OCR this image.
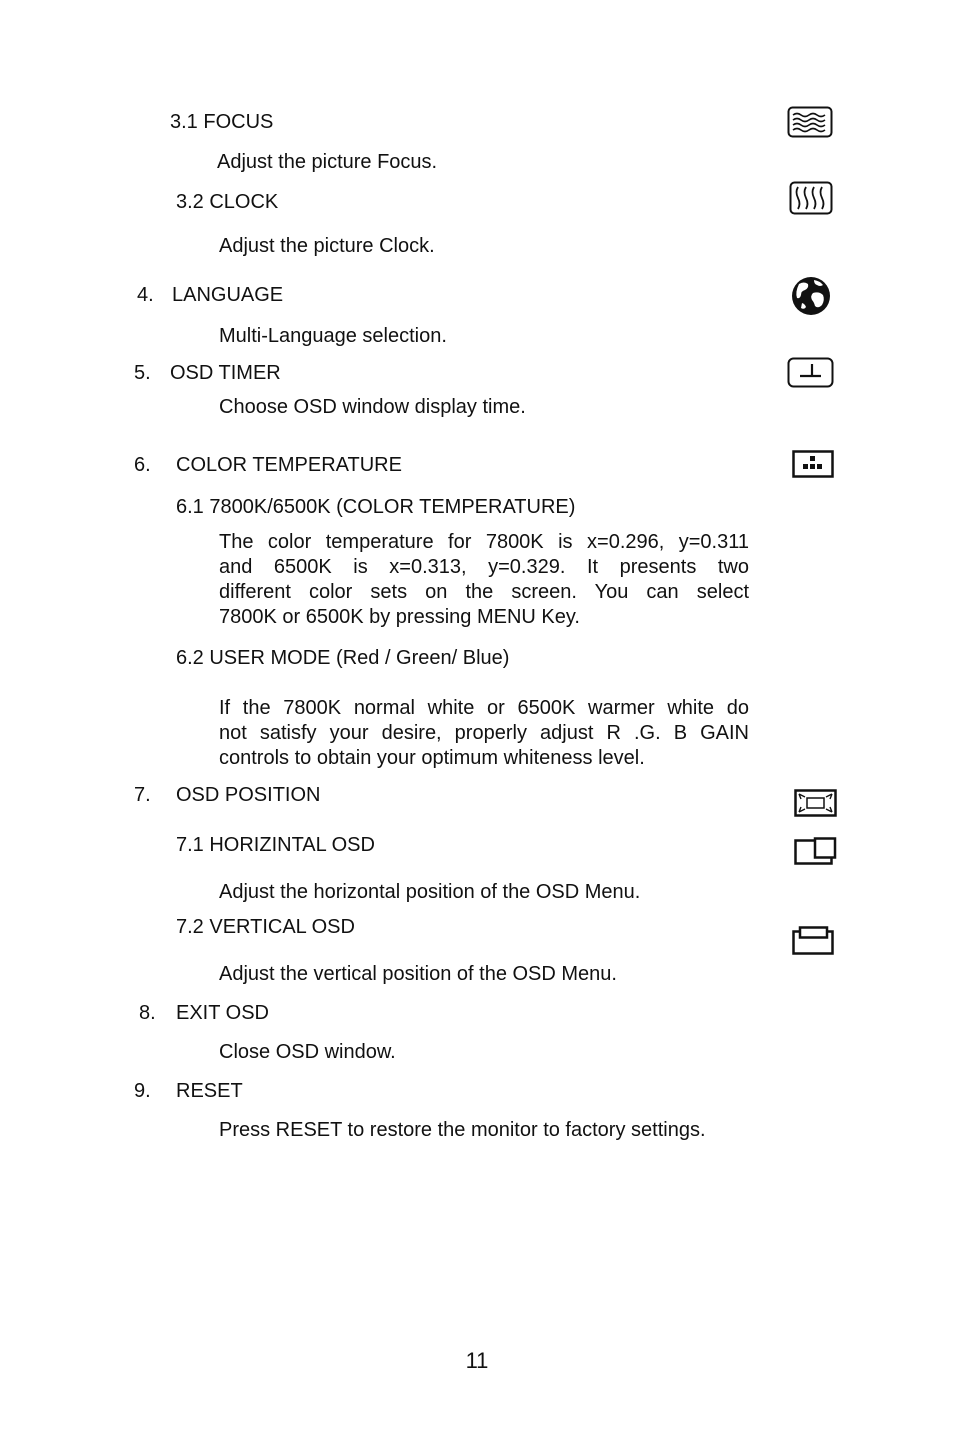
3.1 FOCUS
Adjust the picture Focus.
3.2 CLOCK
Adjust the picture Clock.
4. LANGUAGE
Multi-Language selection.
5. OSD TIMER
Choose OSD window display time.
6. COLOR TEMPERATURE
6.1 7800K/6500K (COLOR TEMPERATURE)
The color temperature for 7800K is x=0.296, y=0.311
and 6500K is x=0.313, y=0.329. It presents two
different color sets on the screen. You can select
7800K or 6500K by pressing MENU Key.
6.2 USER MODE (Red / Green/ Blue)
If the 7800K normal white or 6500K warmer white do
not satisfy your desire, properly adjust R .G. B GAIN
controls to obtain your optimum whiteness level.
7. OSD POSITION
7.1 HORIZINTAL OSD
Adjust the horizontal position of the OSD Menu.
7.2 VERTICAL OSD
Adjust the vertical position of the OSD Menu.
8. EXIT OSD
Close OSD window.
9. RESET
Press RESET to restore the monitor to factory settings.
11
